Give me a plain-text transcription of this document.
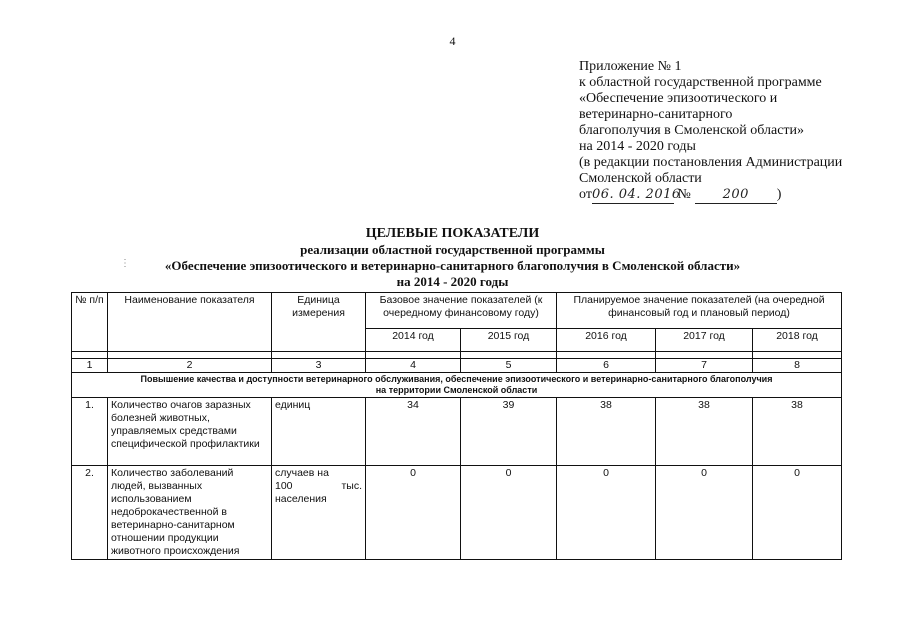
4
Приложение № 1
к областной государственной программе
«Обеспечение эпизоотического и
ветеринарно-санитарного
благополучия в Смоленской области»
на 2014 - 2020 годы
(в редакции постановления Администрации
Смоленской области
от06. 04. 2016 № 200 )
ЦЕЛЕВЫЕ ПОКАЗАТЕЛИ
реализации областной государственной программы
«Обеспечение эпизоотического и ветеринарно-санитарного благополучия в Смоленской области»
на 2014 - 2020 годы
⋮
№ п/п	Наименование показателя	Единица измерения	Базовое значение показателей (к очередному финансовому году)		Планируемое значение показателей (на очередной финансовый год и плановый период)		
			2014 год	2015 год	2016 год	2017 год	2018 год

1	2	3	4	5	6	7	8

Повышение качества и доступности ветеринарного обслуживания, обеспечение эпизоотического и ветеринарно-санитарного благополучия
на территории Смоленской области							

1.	Количество очагов заразных болезней животных, управляемых средствами специфической профилактики	единиц	34	39	38	38	38
2.	Количество заболеваний людей, вызванных использованием недоброкачественной в ветеринарно-санитарном отношении продукции животного происхождения	случаев на
100 тыс.
населения	0	0	0	0	0
